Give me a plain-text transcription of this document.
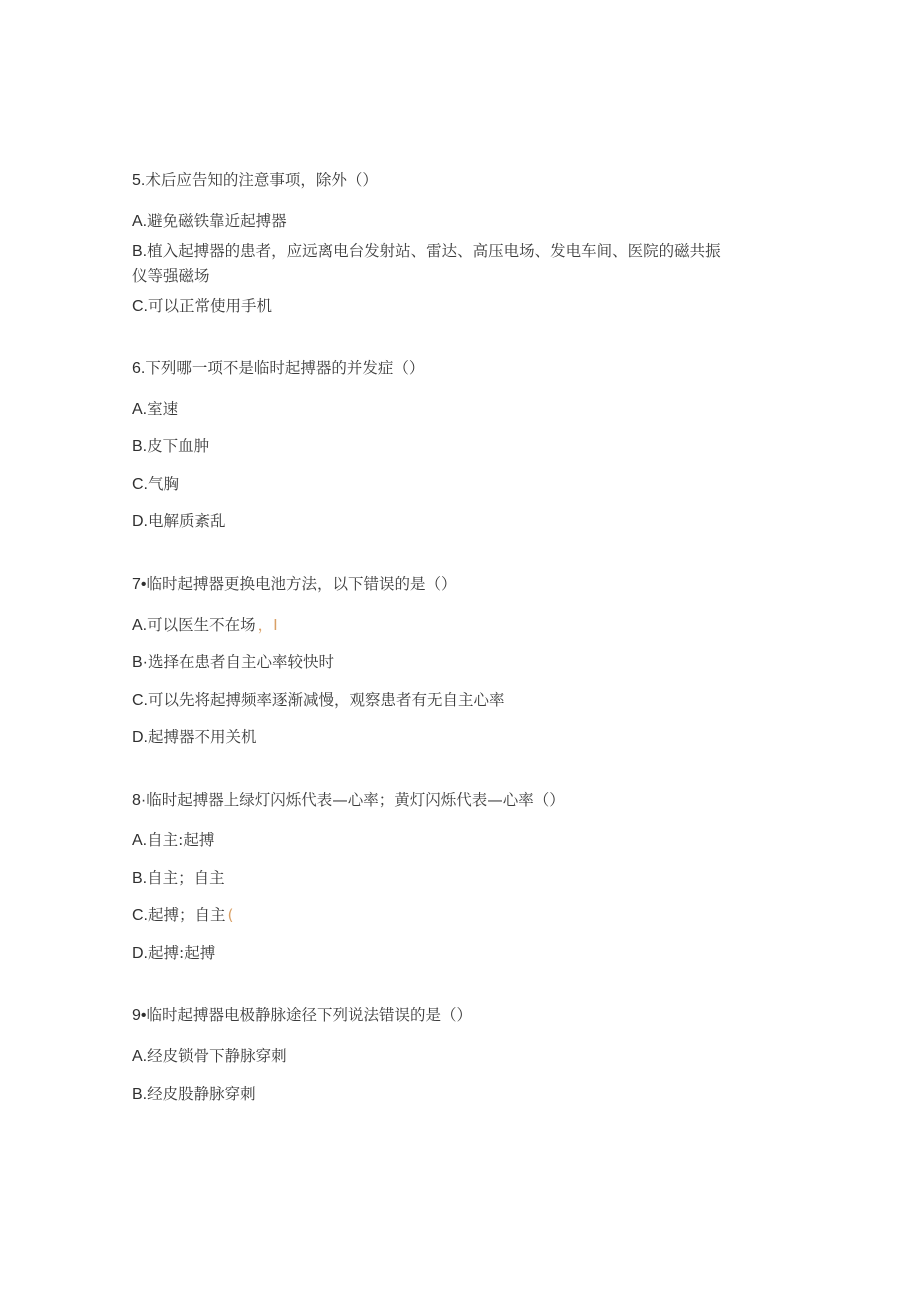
5.术后应告知的注意事项，除外（）
A.避免磁铁靠近起搏器
B.植入起搏器的患者，应远离电台发射站、雷达、高压电场、发电车间、医院的磁共振
仪等强磁场
C.可以正常使用手机
6.下列哪一项不是临时起搏器的并发症（）
A.室速
B.皮下血肿
C.气胸
D.电解质紊乱
7•临时起搏器更换电池方法，以下错误的是（）
A.可以医生不在场 ，I
B·选择在患者自主心率较快时
C.可以先将起搏频率逐渐减慢，观察患者有无自主心率
D.起搏器不用关机
8·临时起搏器上绿灯闪烁代表—心率；黄灯闪烁代表—心率（）
A.自主:起搏
B.自主；自主
C.起搏；自主 (
D.起搏:起搏
9•临时起搏器电极静脉途径下列说法错误的是（）
A.经皮锁骨下静脉穿刺
B.经皮股静脉穿刺
